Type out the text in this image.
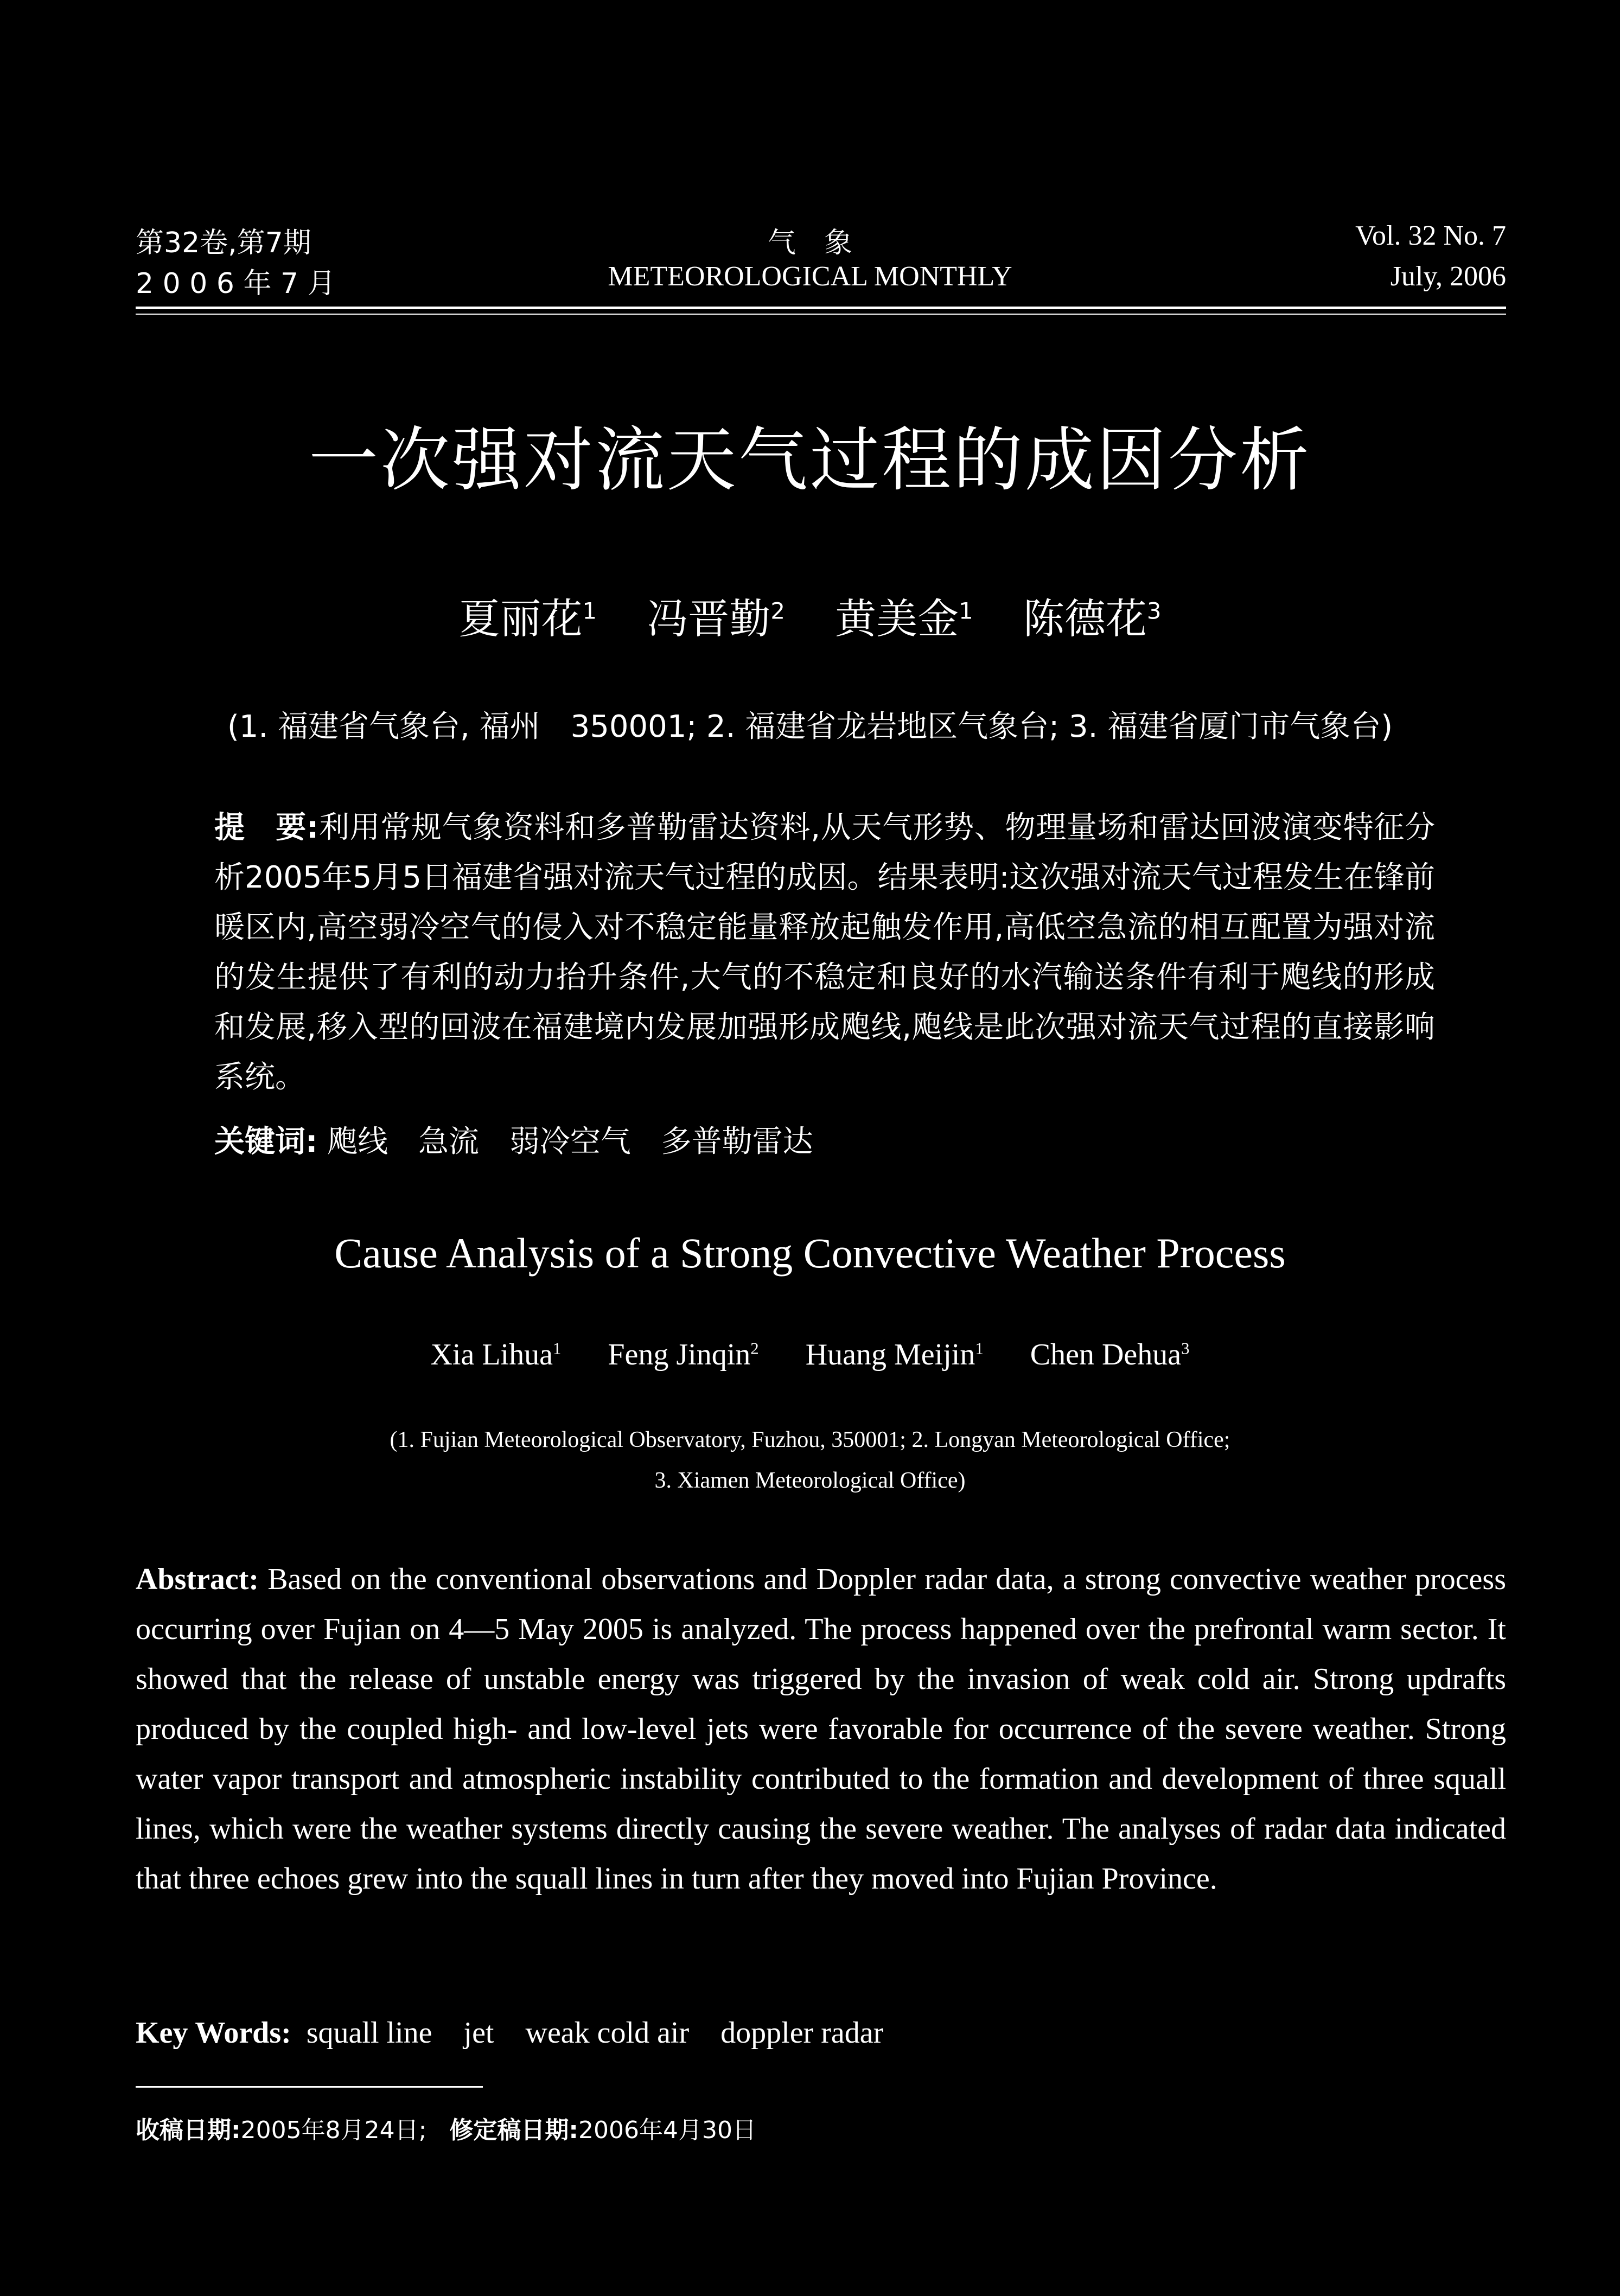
第32卷,第7期
2 0 0 6 年 7 月
气　象
METEOROLOGICAL MONTHLY
Vol. 32 No. 7
July, 2006
一次强对流天气过程的成因分析
夏丽花$^1$ 冯晋勤$^2$ 黄美金$^1$ 陈德花$^3$
(1. 福建省气象台, 福州　350001; 2. 福建省龙岩地区气象台; 3. 福建省厦门市气象台)
提　要:利用常规气象资料和多普勒雷达资料,从天气形势、物理量场和雷达回波演变特征分析2005年5月5日福建省强对流天气过程的成因。结果表明:这次强对流天气过程发生在锋前暖区内,高空弱冷空气的侵入对不稳定能量释放起触发作用,高低空急流的相互配置为强对流的发生提供了有利的动力抬升条件,大气的不稳定和良好的水汽输送条件有利于飑线的形成和发展,移入型的回波在福建境内发展加强形成飑线,飑线是此次强对流天气过程的直接影响系统。
关键词: 飑线 急流 弱冷空气 多普勒雷达
Cause Analysis of a Strong Convective Weather Process
Xia Lihua$^1$ Feng Jinqin$^2$ Huang Meijin$^1$ Chen Dehua$^3$
(1. Fujian Meteorological Observatory, Fuzhou, 350001; 2. Longyan Meteorological Office;
3. Xiamen Meteorological Office)
Abstract: Based on the conventional observations and Doppler radar data, a strong convective weather process occurring over Fujian on 4—5 May 2005 is analyzed. The process happened over the prefrontal warm sector. It showed that the release of unstable energy was triggered by the invasion of weak cold air. Strong updrafts produced by the coupled high- and low-level jets were favorable for occurrence of the severe weather. Strong water vapor transport and atmospheric instability contributed to the formation and development of three squall lines, which were the weather systems directly causing the severe weather. The analyses of radar data indicated that three echoes grew into the squall lines in turn after they moved into Fujian Province.
Key Words: squall line jet weak cold air doppler radar
收稿日期:2005年8月24日; 修定稿日期:2006年4月30日
